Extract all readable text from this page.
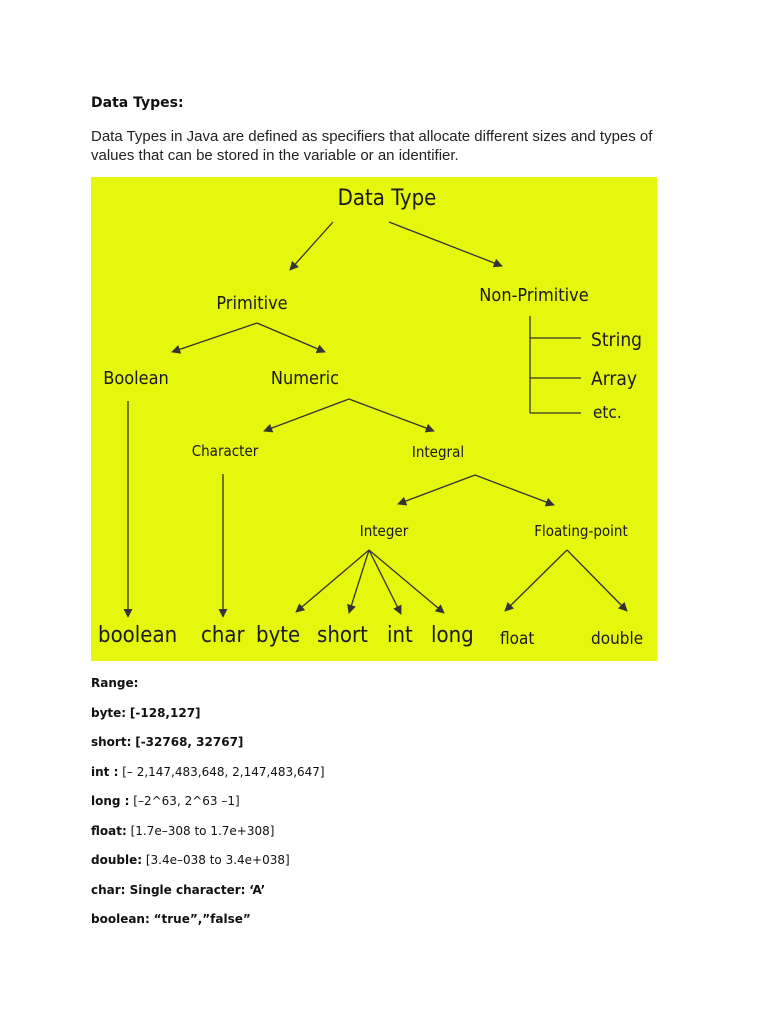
Data Types:

Data Types in Java are defined as specifiers that allocate different sizes and types of values that can be stored in the variable or an identifier.

Data Type
Primitive	Non-Primitive
String
Array
etc.
Boolean	Numeric
Character	Integral
Integer	Floating-point
boolean char byte short int long float	double

Range:

byte: [-128,127]

short: [-32768, 32767]

int : [– 2,147,483,648, 2,147,483,647]

long : [–2^63, 2^63 –1]

float: [1.7e–308 to 1.7e+308]

double: [3.4e–038 to 3.4e+038]

char: Single character: ‘A’

boolean: “true”,”false”
